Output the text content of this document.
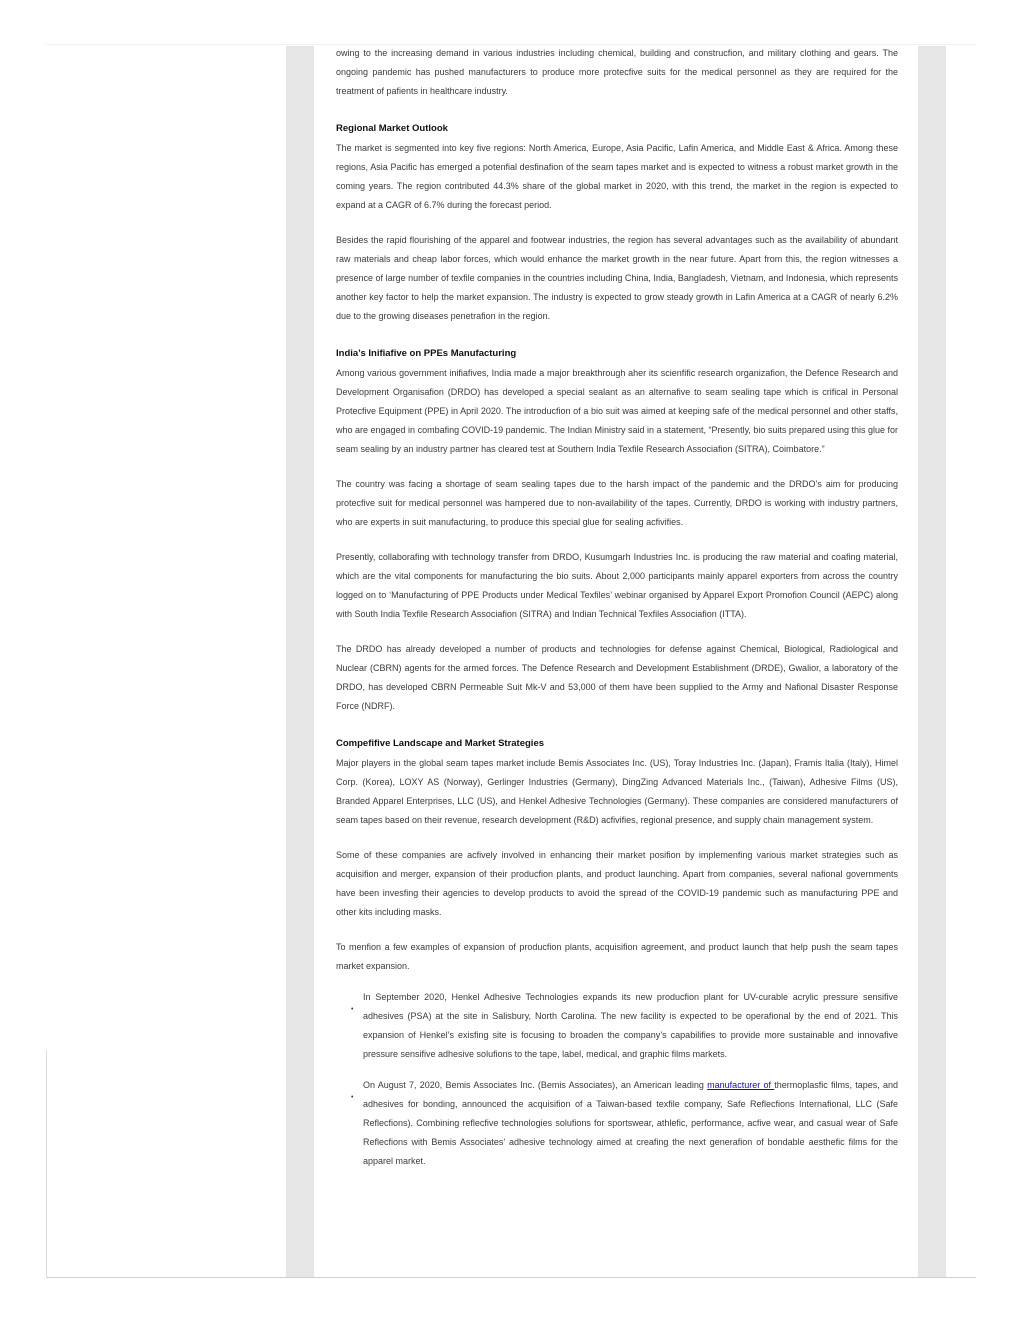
owing to the increasing demand in various industries including chemical, building and construcfion, and military clothing and gears. The ongoing pandemic has pushed manufacturers to produce more protecfive suits for the medical personnel as they are required for the treatment of pafients in healthcare industry.

Regional Market Outlook

The market is segmented into key five regions: North America, Europe, Asia Pacific, Lafin America, and Middle East & Africa. Among these regions, Asia Pacific has emerged a potenfial desfinafion of the seam tapes market and is expected to witness a robust market growth in the coming years. The region contributed 44.3% share of the global market in 2020, with this trend, the market in the region is expected to expand at a CAGR of 6.7% during the forecast period.

Besides the rapid flourishing of the apparel and footwear industries, the region has several advantages such as the availability of abundant raw materials and cheap labor forces, which would enhance the market growth in the near future. Apart from this, the region witnesses a presence of large number of texfile companies in the countries including China, India, Bangladesh, Vietnam, and Indonesia, which represents another key factor to help the market expansion. The industry is expected to grow steady growth in Lafin America at a CAGR of nearly 6.2% due to the growing diseases penetrafion in the region.

India’s Inifiafive on PPEs Manufacturing

Among various government inifiafives, India made a major breakthrough aher its scienfific research organizafion, the Defence Research and Development Organisafion (DRDO) has developed a special sealant as an alternafive to seam sealing tape which is crifical in Personal Protecfive Equipment (PPE) in April 2020. The introducfion of a bio suit was aimed at keeping safe of the medical personnel and other staffs, who are engaged in combafing COVID-19 pandemic. The Indian Ministry said in a statement, “Presently, bio suits prepared using this glue for seam sealing by an industry partner has cleared test at Southern India Texfile Research Associafion (SITRA), Coimbatore.”

The country was facing a shortage of seam sealing tapes due to the harsh impact of the pandemic and the DRDO’s aim for producing protecfive suit for medical personnel was hampered due to non-availability of the tapes. Currently, DRDO is working with industry partners, who are experts in suit manufacturing, to produce this special glue for sealing acfivifies.

Presently, collaborafing with technology transfer from DRDO, Kusumgarh Industries Inc. is producing the raw material and coafing material, which are the vital components for manufacturing the bio suits. About 2,000 participants mainly apparel exporters from across the country logged on to ‘Manufacturing of PPE Products under Medical Texfiles’ webinar organised by Apparel Export Promofion Council (AEPC) along with South India Texfile Research Associafion (SITRA) and Indian Technical Texfiles Associafion (ITTA).

The DRDO has already developed a number of products and technologies for defense against Chemical, Biological, Radiological and Nuclear (CBRN) agents for the armed forces. The Defence Research and Development Establishment (DRDE), Gwalior, a laboratory of the DRDO, has developed CBRN Permeable Suit Mk-V and 53,000 of them have been supplied to the Army and Nafional Disaster Response Force (NDRF).

Compefifive Landscape and Market Strategies

Major players in the global seam tapes market include Bemis Associates Inc. (US), Toray Industries Inc. (Japan), Framis Italia (Italy), Himel Corp. (Korea), LOXY AS (Norway), Gerlinger Industries (Germany), DingZing Advanced Materials Inc., (Taiwan), Adhesive Films (US), Branded Apparel Enterprises, LLC (US), and Henkel Adhesive Technologies (Germany). These companies are considered manufacturers of seam tapes based on their revenue, research development (R&D) acfivifies, regional presence, and supply chain management system.

Some of these companies are acfively involved in enhancing their market posifion by implemenfing various market strategies such as acquisifion and merger, expansion of their producfion plants, and product launching. Apart from companies, several nafional governments have been invesfing their agencies to develop products to avoid the spread of the COVID-19 pandemic such as manufacturing PPE and other kits including masks.

To menfion a few examples of expansion of producfion plants, acquisifion agreement, and product launch that help push the seam tapes market expansion.

•

In September 2020, Henkel Adhesive Technologies expands its new producfion plant for UV-curable acrylic pressure sensifive adhesives (PSA) at the site in Salisbury, North Carolina. The new facility is expected to be operafional by the end of 2021. This expansion of Henkel’s exisfing site is focusing to broaden the company’s capabilifies to provide more sustainable and innovafive pressure sensifive adhesive solufions to the tape, label, medical, and graphic films markets.

•

On August 7, 2020, Bemis Associates Inc. (Bemis Associates), an American leading manufacturer of thermoplasfic films, tapes, and adhesives for bonding, announced the acquisifion of a Taiwan-based texfile company, Safe Reflecfions Internafional, LLC (Safe Reflecfions). Combining reflecfive technologies solufions for sportswear, athlefic, performance, acfive wear, and casual wear of Safe Reflecfions with Bemis Associates’ adhesive technology aimed at creafing the next generafion of bondable aesthefic films for the apparel market.
